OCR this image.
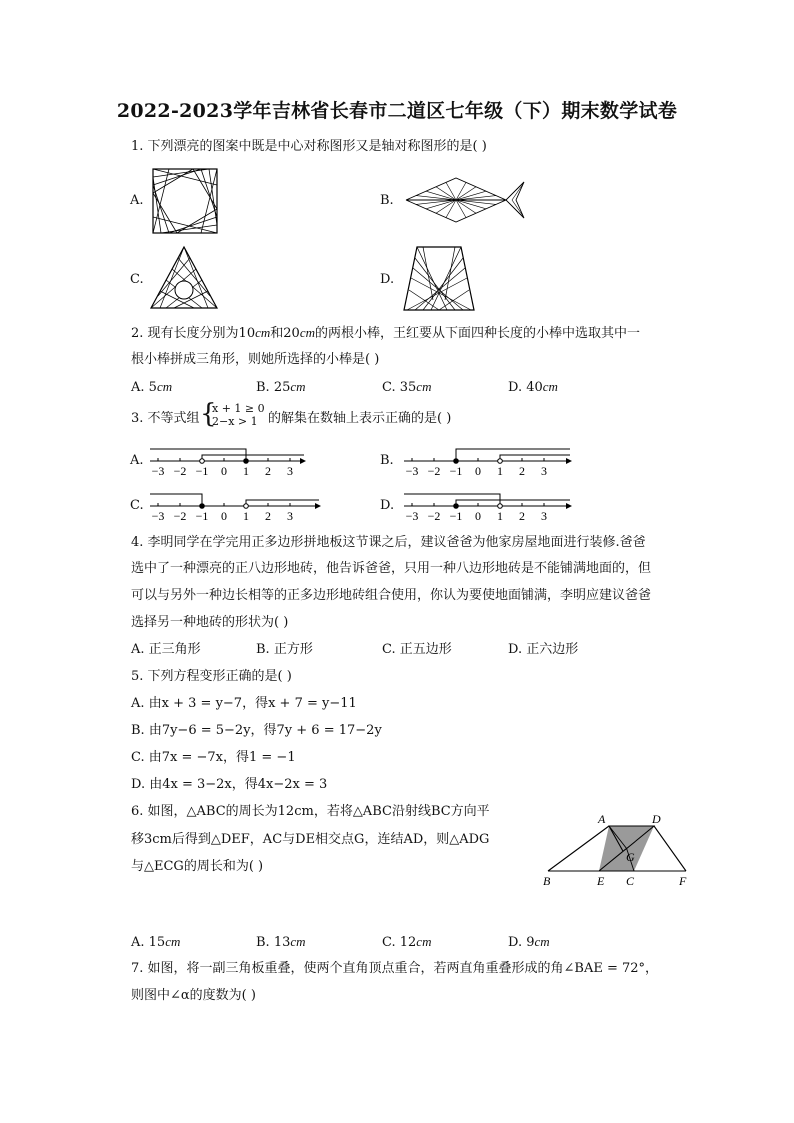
2022-2023学年吉林省长春市二道区七年级（下）期末数学试卷
1. 下列漂亮的图案中既是中心对称图形又是轴对称图形的是( )
A.	B.
C.	D.
2. 现有长度分别为10cm和20cm的两根小棒，王红要从下面四种长度的小棒中选取其中一
根小棒拼成三角形，则她所选择的小棒是( )
A. 5cm	B. 25cm	C. 35cm	D. 40cm
3. 不等式组 {
x + 1 ≥ 0
2−x > 1 的解集在数轴上表示正确的是( )
A.
−3 −2 −1 0 1 2 3
B.
−3 −2 −1 0 1 2 3
C.
−3 −2 −1 0 1 2 3
D.
−3 −2 −1 0 1 2 3
4. 李明同学在学完用正多边形拼地板这节课之后，建议爸爸为他家房屋地面进行装修.爸爸
选中了一种漂亮的正八边形地砖，他告诉爸爸，只用一种八边形地砖是不能铺满地面的，但
可以与另外一种边长相等的正多边形地砖组合使用，你认为要使地面铺满，李明应建议爸爸
选择另一种地砖的形状为( )
A. 正三角形	B. 正方形	C. 正五边形	D. 正六边形
5. 下列方程变形正确的是( )
A. 由x + 3 = y−7，得x + 7 = y−11
B. 由7y−6 = 5−2y，得7y + 6 = 17−2y
C. 由7x = −7x，得1 = −1
D. 由4x = 3−2x，得4x−2x = 3
6. 如图，△ABC的周长为12cm，若将△ABC沿射线BC方向平
移3cm后得到△DEF，AC与DE相交点G，连结AD，则△ADG
与△ECG的周长和为( )
A	D
G
B	E C	F
A. 15cm	B. 13cm	C. 12cm	D. 9cm
7. 如图，将一副三角板重叠，使两个直角顶点重合，若两直角重叠形成的角∠BAE = 72°，
则图中∠α的度数为( )
